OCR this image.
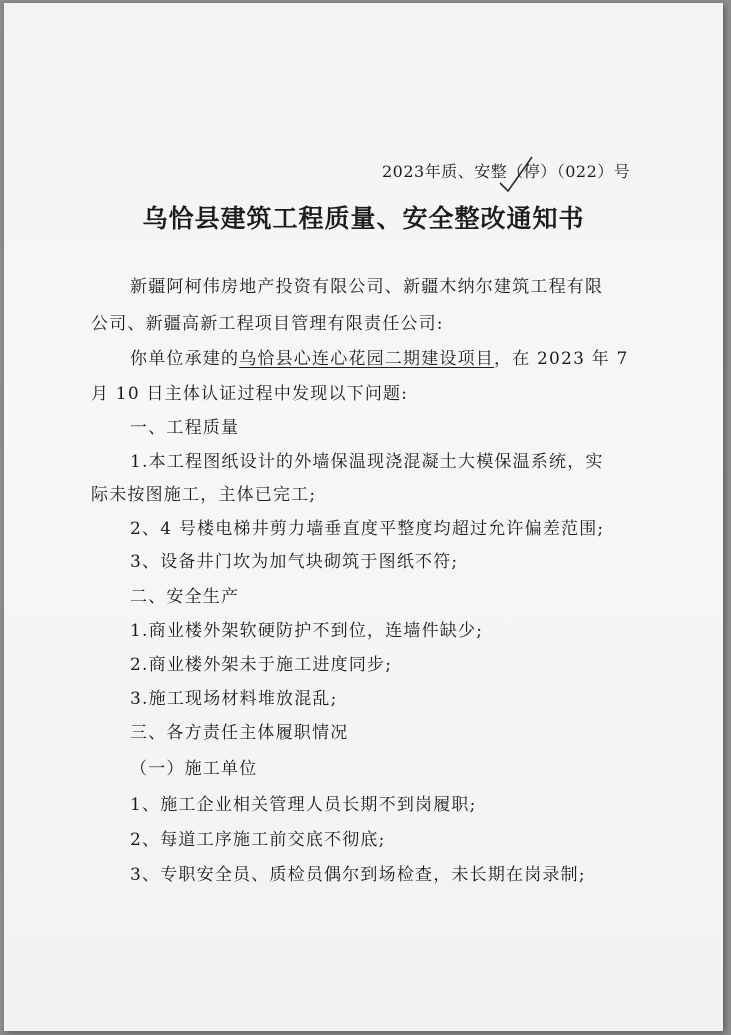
2023年质、安整（停）（022）号
乌恰县建筑工程质量、安全整改通知书
新疆阿柯伟房地产投资有限公司、新疆木纳尔建筑工程有限
公司、新疆高新工程项目管理有限责任公司:
你单位承建的乌恰县心连心花园二期建设项目，在 2023 年 7
月 10 日主体认证过程中发现以下问题:
一、工程质量
1.本工程图纸设计的外墙保温现浇混凝土大模保温系统，实
际未按图施工，主体已完工;
2、4 号楼电梯井剪力墙垂直度平整度均超过允许偏差范围;
3、设备井门坎为加气块砌筑于图纸不符;
二、安全生产
1.商业楼外架软硬防护不到位，连墙件缺少;
2.商业楼外架未于施工进度同步;
3.施工现场材料堆放混乱;
三、各方责任主体履职情况
（一）施工单位
1、施工企业相关管理人员长期不到岗履职;
2、每道工序施工前交底不彻底;
3、专职安全员、质检员偶尔到场检查，未长期在岗录制;
